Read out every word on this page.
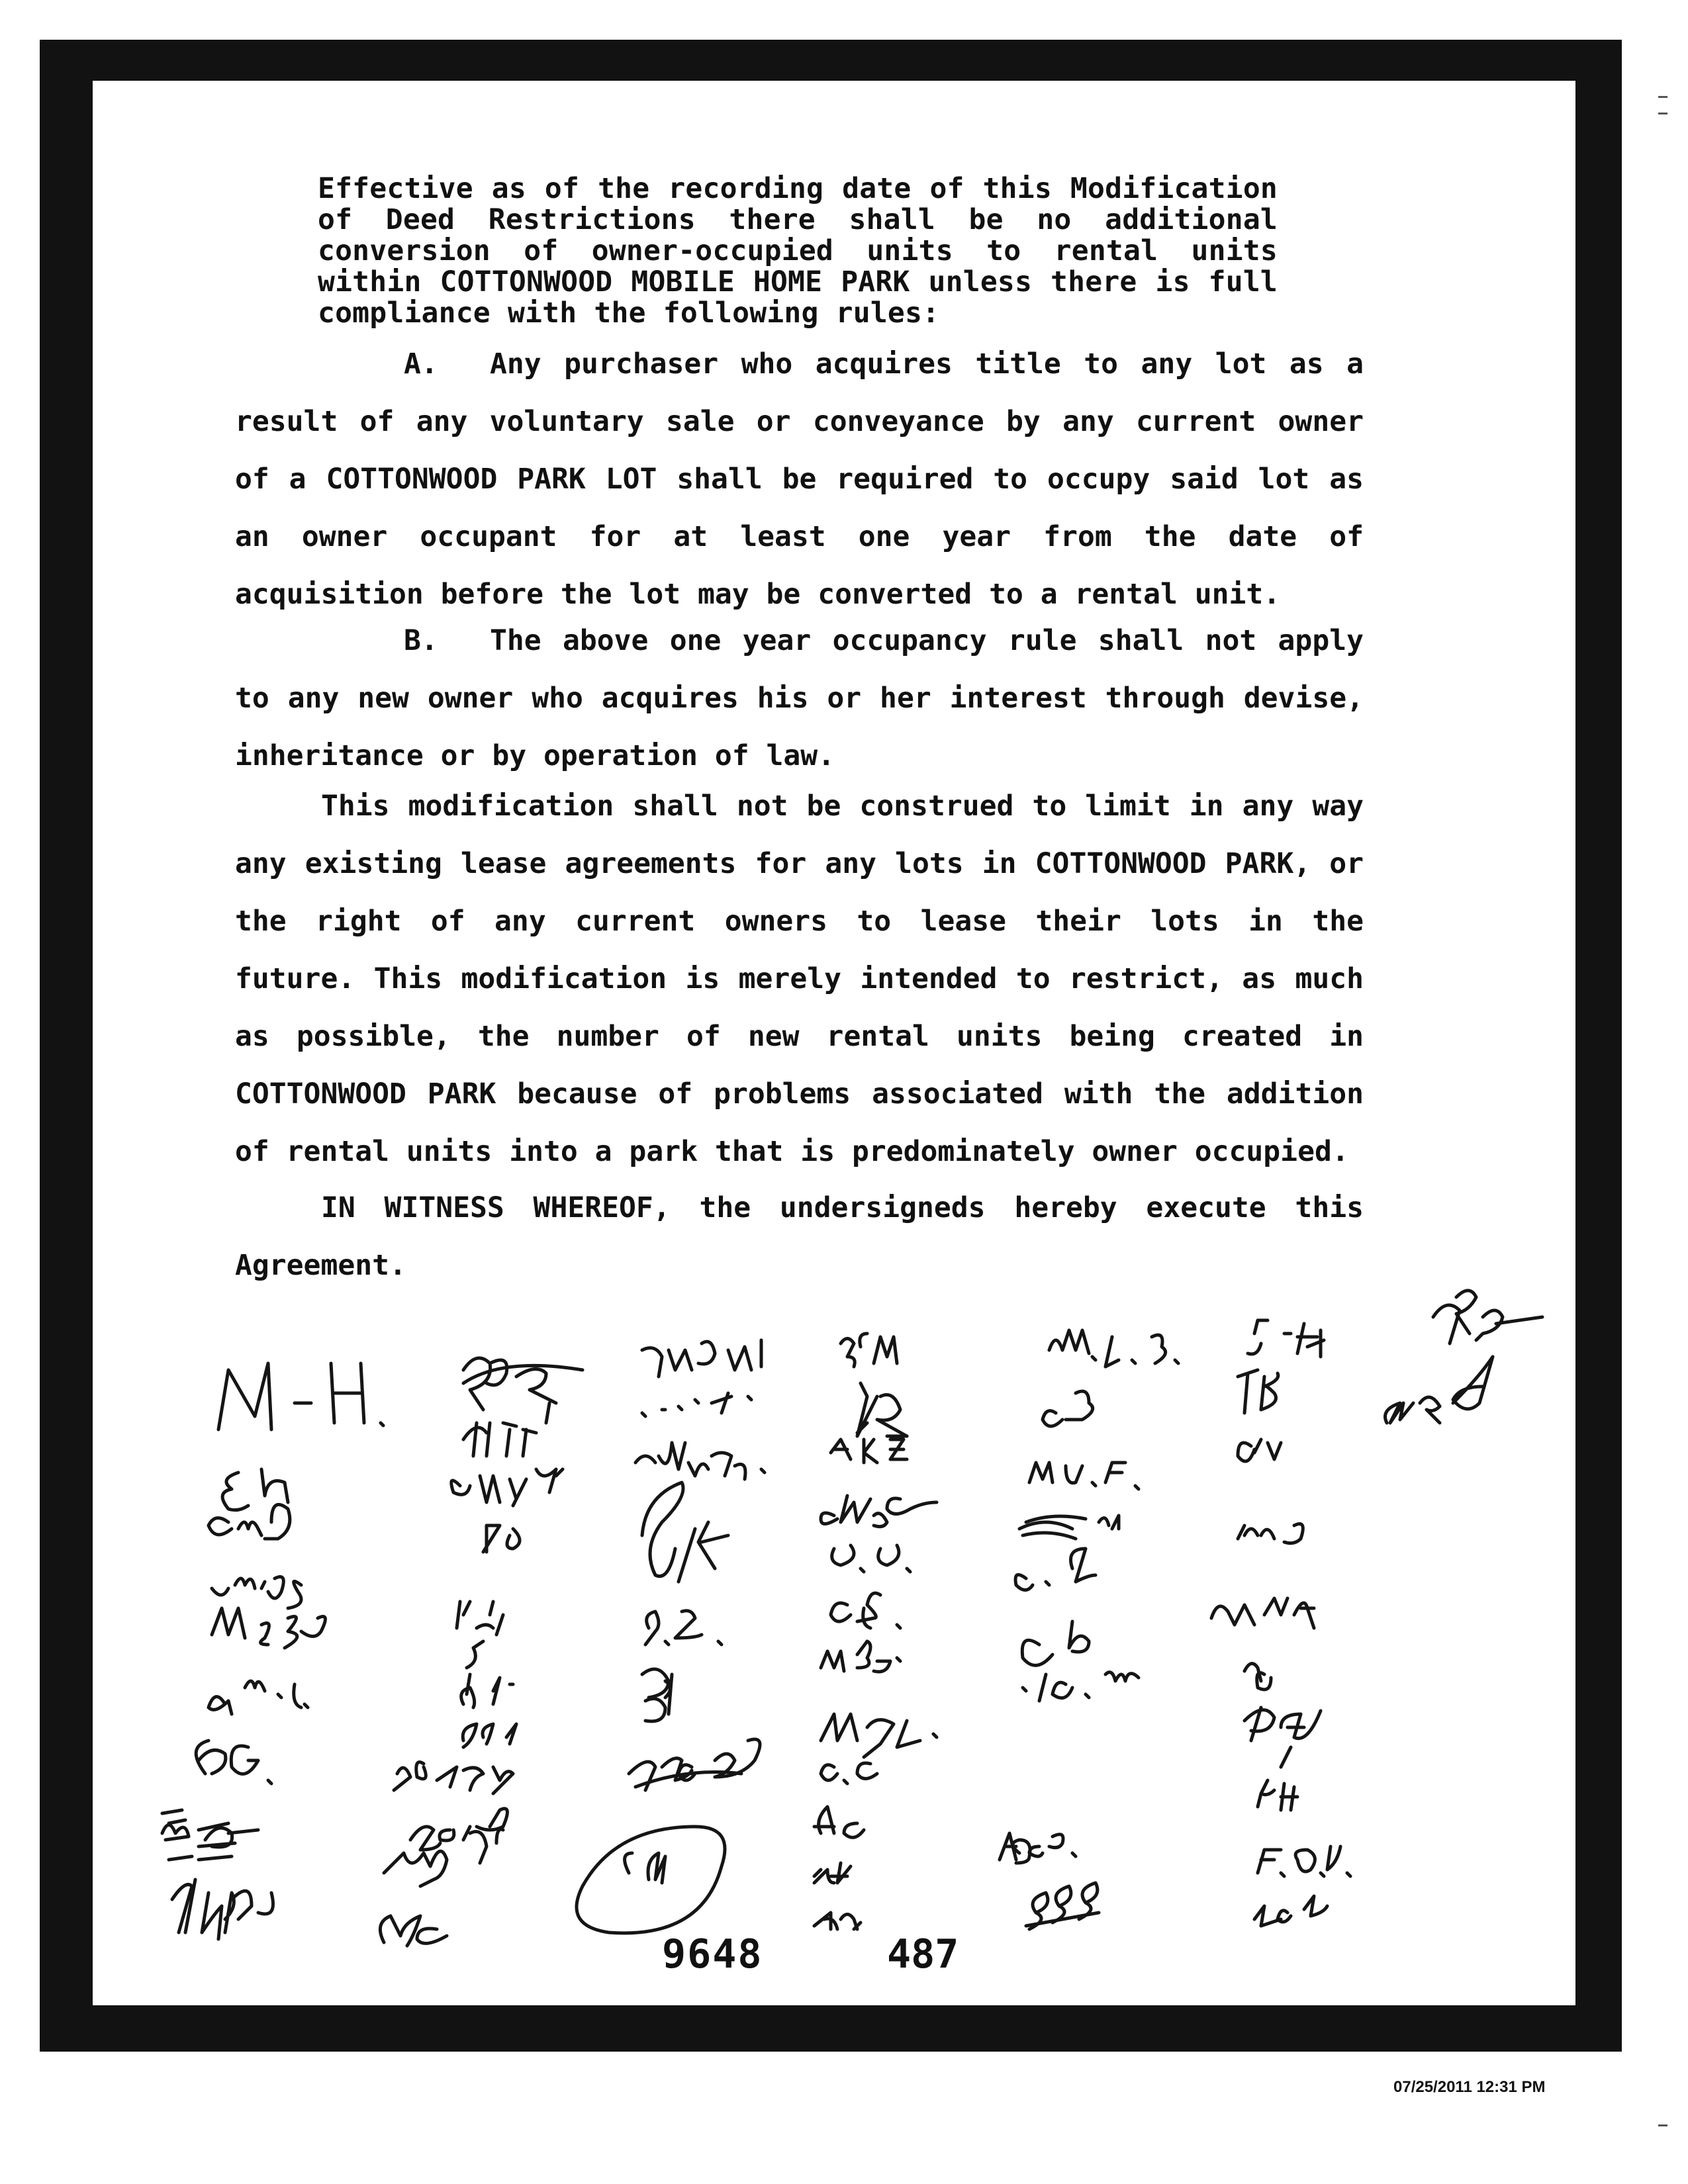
Effective as of the recording date of this Modification of Deed Restrictions there shall be no additional conversion of owner-occupied units to rental units within COTTONWOOD MOBILE HOME PARK unless there is full compliance with the following rules:
A. Any purchaser who acquires title to any lot as a result of any voluntary sale or conveyance by any current owner of a COTTONWOOD PARK LOT shall be required to occupy said lot as an owner occupant for at least one year from the date of acquisition before the lot may be converted to a rental unit.
B. The above one year occupancy rule shall not apply to any new owner who acquires his or her interest through devise, inheritance or by operation of law.
This modification shall not be construed to limit in any way any existing lease agreements for any lots in COTTONWOOD PARK, or the right of any current owners to lease their lots in the future. This modification is merely intended to restrict, as much as possible, the number of new rental units being created in COTTONWOOD PARK because of problems associated with the addition of rental units into a park that is predominately owner occupied.
IN WITNESS WHEREOF, the undersigneds hereby execute this Agreement.
9648	487
07/25/2011 12:31 PM
